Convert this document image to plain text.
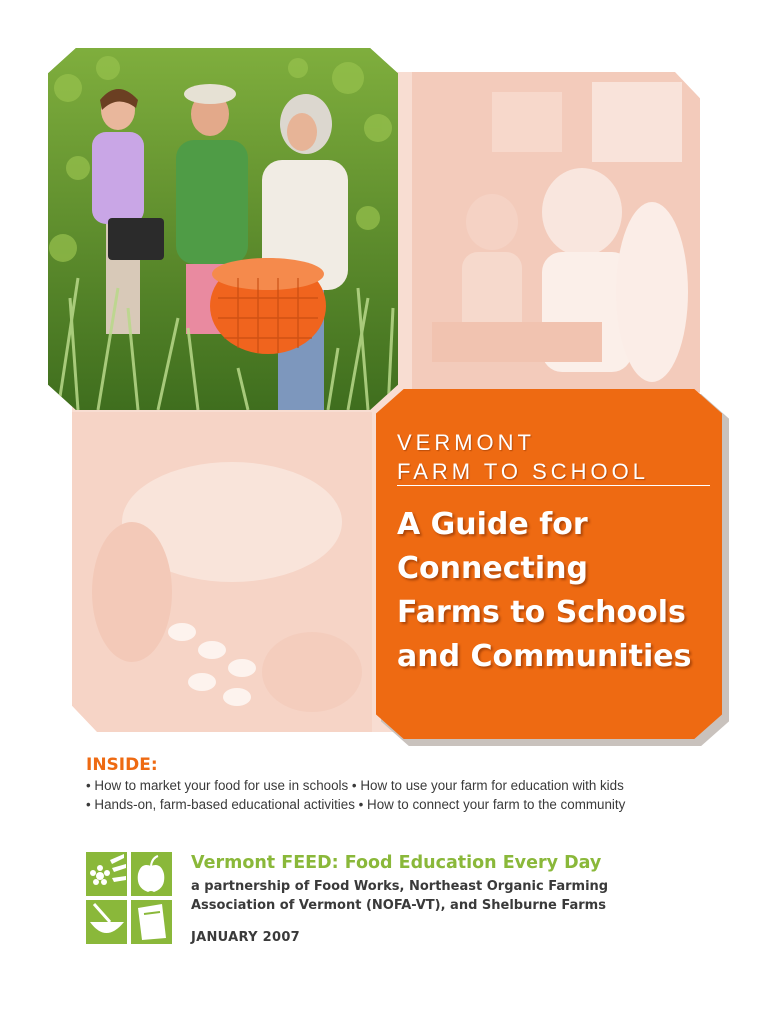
VERMONT
FARM TO SCHOOL
A Guide for
Connecting
Farms to Schools
and Communities
INSIDE:
• How to market your food for use in schools • How to use your farm for education with kids
• Hands-on, farm-based educational activities • How to connect your farm to the community
Vermont FEED: Food Education Every Day

a partnership of Food Works, Northeast Organic Farming
Association of Vermont (NOFA-VT), and Shelburne Farms

JANUARY 2007
